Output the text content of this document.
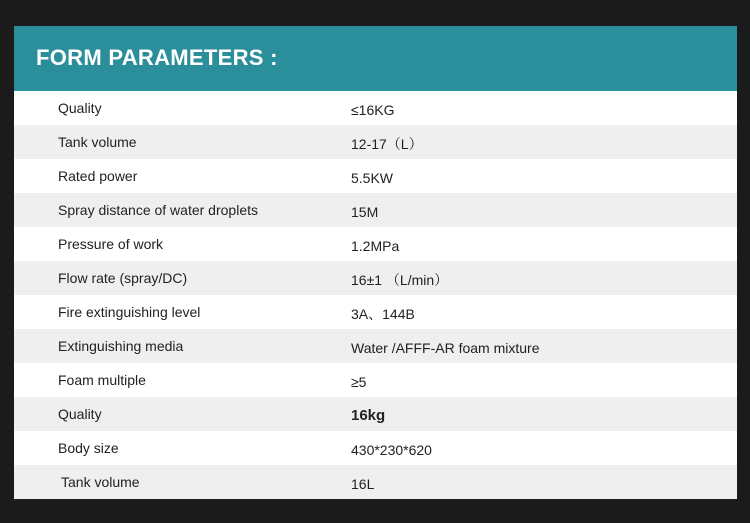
FORM PARAMETERS :
Quality	≤16KG
Tank volume	12-17（L）
Rated power	5.5KW
Spray distance of water droplets	15M
Pressure of work	1.2MPa
Flow rate (spray/DC)	16±1 （L/min）
Fire extinguishing level	3A、144B
Extinguishing media	Water /AFFF-AR foam mixture
Foam multiple	≥5
Quality	16kg
Body size	430*230*620
Tank volume	16L
